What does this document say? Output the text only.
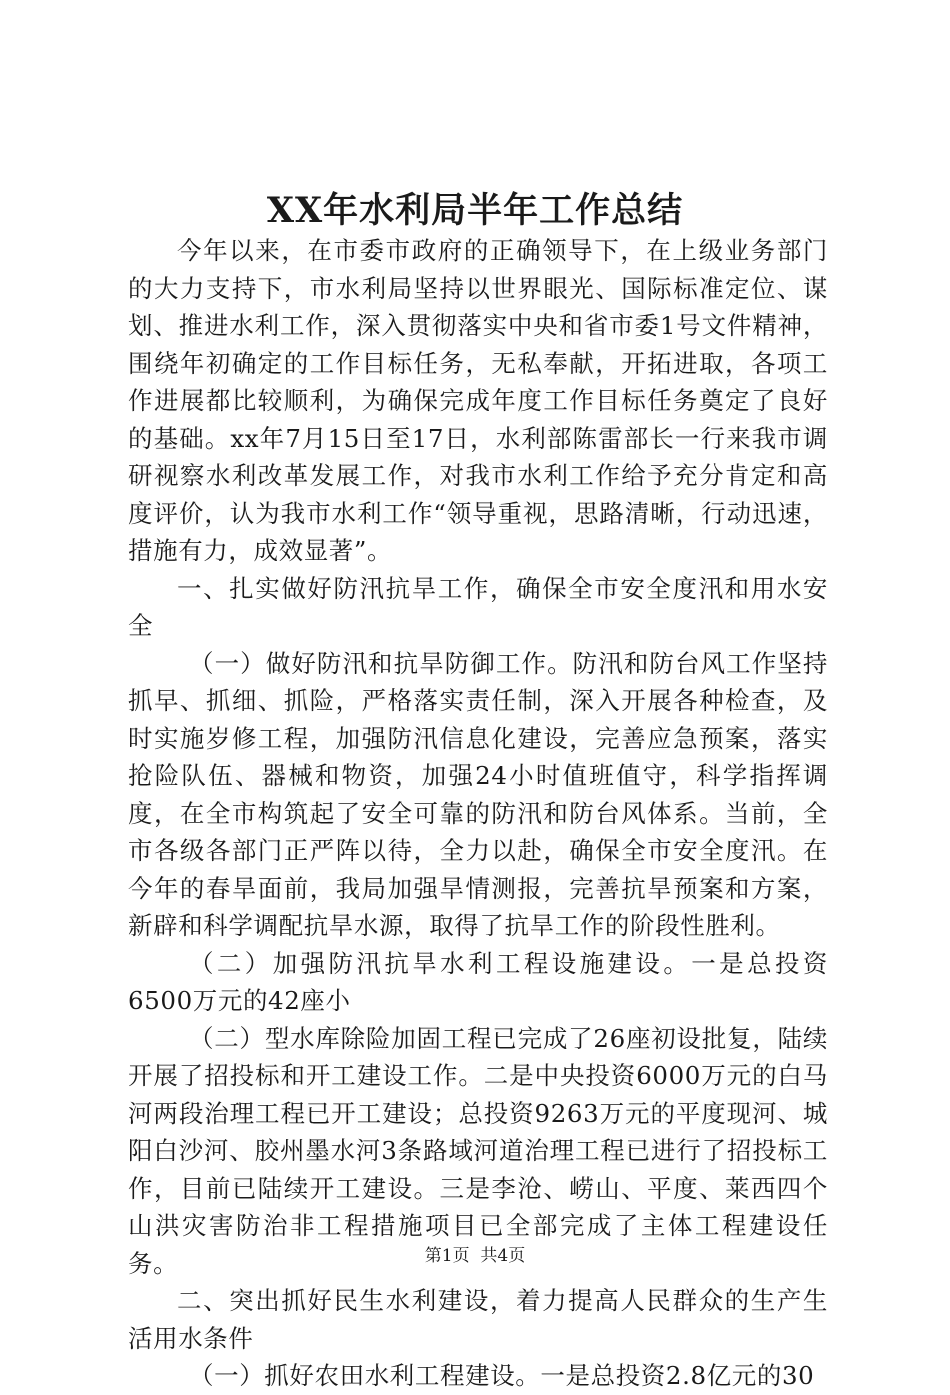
XX年水利局半年工作总结

今年以来，在市委市政府的正确领导下，在上级业务部门的大力支持下，市水利局坚持以世界眼光、国际标准定位、谋划、推进水利工作，深入贯彻落实中央和省市委1号文件精神，围绕年初确定的工作目标任务，无私奉献，开拓进取，各项工作进展都比较顺利，为确保完成年度工作目标任务奠定了良好的基础。xx年7月15日至17日，水利部陈雷部长一行来我市调研视察水利改革发展工作，对我市水利工作给予充分肯定和高度评价，认为我市水利工作“领导重视，思路清晰，行动迅速，措施有力，成效显著”。

一、扎实做好防汛抗旱工作，确保全市安全度汛和用水安全

（一）做好防汛和抗旱防御工作。防汛和防台风工作坚持抓早、抓细、抓险，严格落实责任制，深入开展各种检查，及时实施岁修工程，加强防汛信息化建设，完善应急预案，落实抢险队伍、器械和物资，加强24小时值班值守，科学指挥调度，在全市构筑起了安全可靠的防汛和防台风体系。当前，全市各级各部门正严阵以待，全力以赴，确保全市安全度汛。在今年的春旱面前，我局加强旱情测报，完善抗旱预案和方案，新辟和科学调配抗旱水源，取得了抗旱工作的阶段性胜利。

（二）加强防汛抗旱水利工程设施建设。一是总投资6500万元的42座小

（二）型水库除险加固工程已完成了26座初设批复，陆续开展了招投标和开工建设工作。二是中央投资6000万元的白马河两段治理工程已开工建设；总投资9263万元的平度现河、城阳白沙河、胶州墨水河3条路域河道治理工程已进行了招投标工作，目前已陆续开工建设。三是李沧、崂山、平度、莱西四个山洪灾害防治非工程措施项目已全部完成了主体工程建设任务。

二、突出抓好民生水利建设，着力提高人民群众的生产生活用水条件

（一）抓好农田水利工程建设。一是总投资2.8亿元的30

第1页  共4页
